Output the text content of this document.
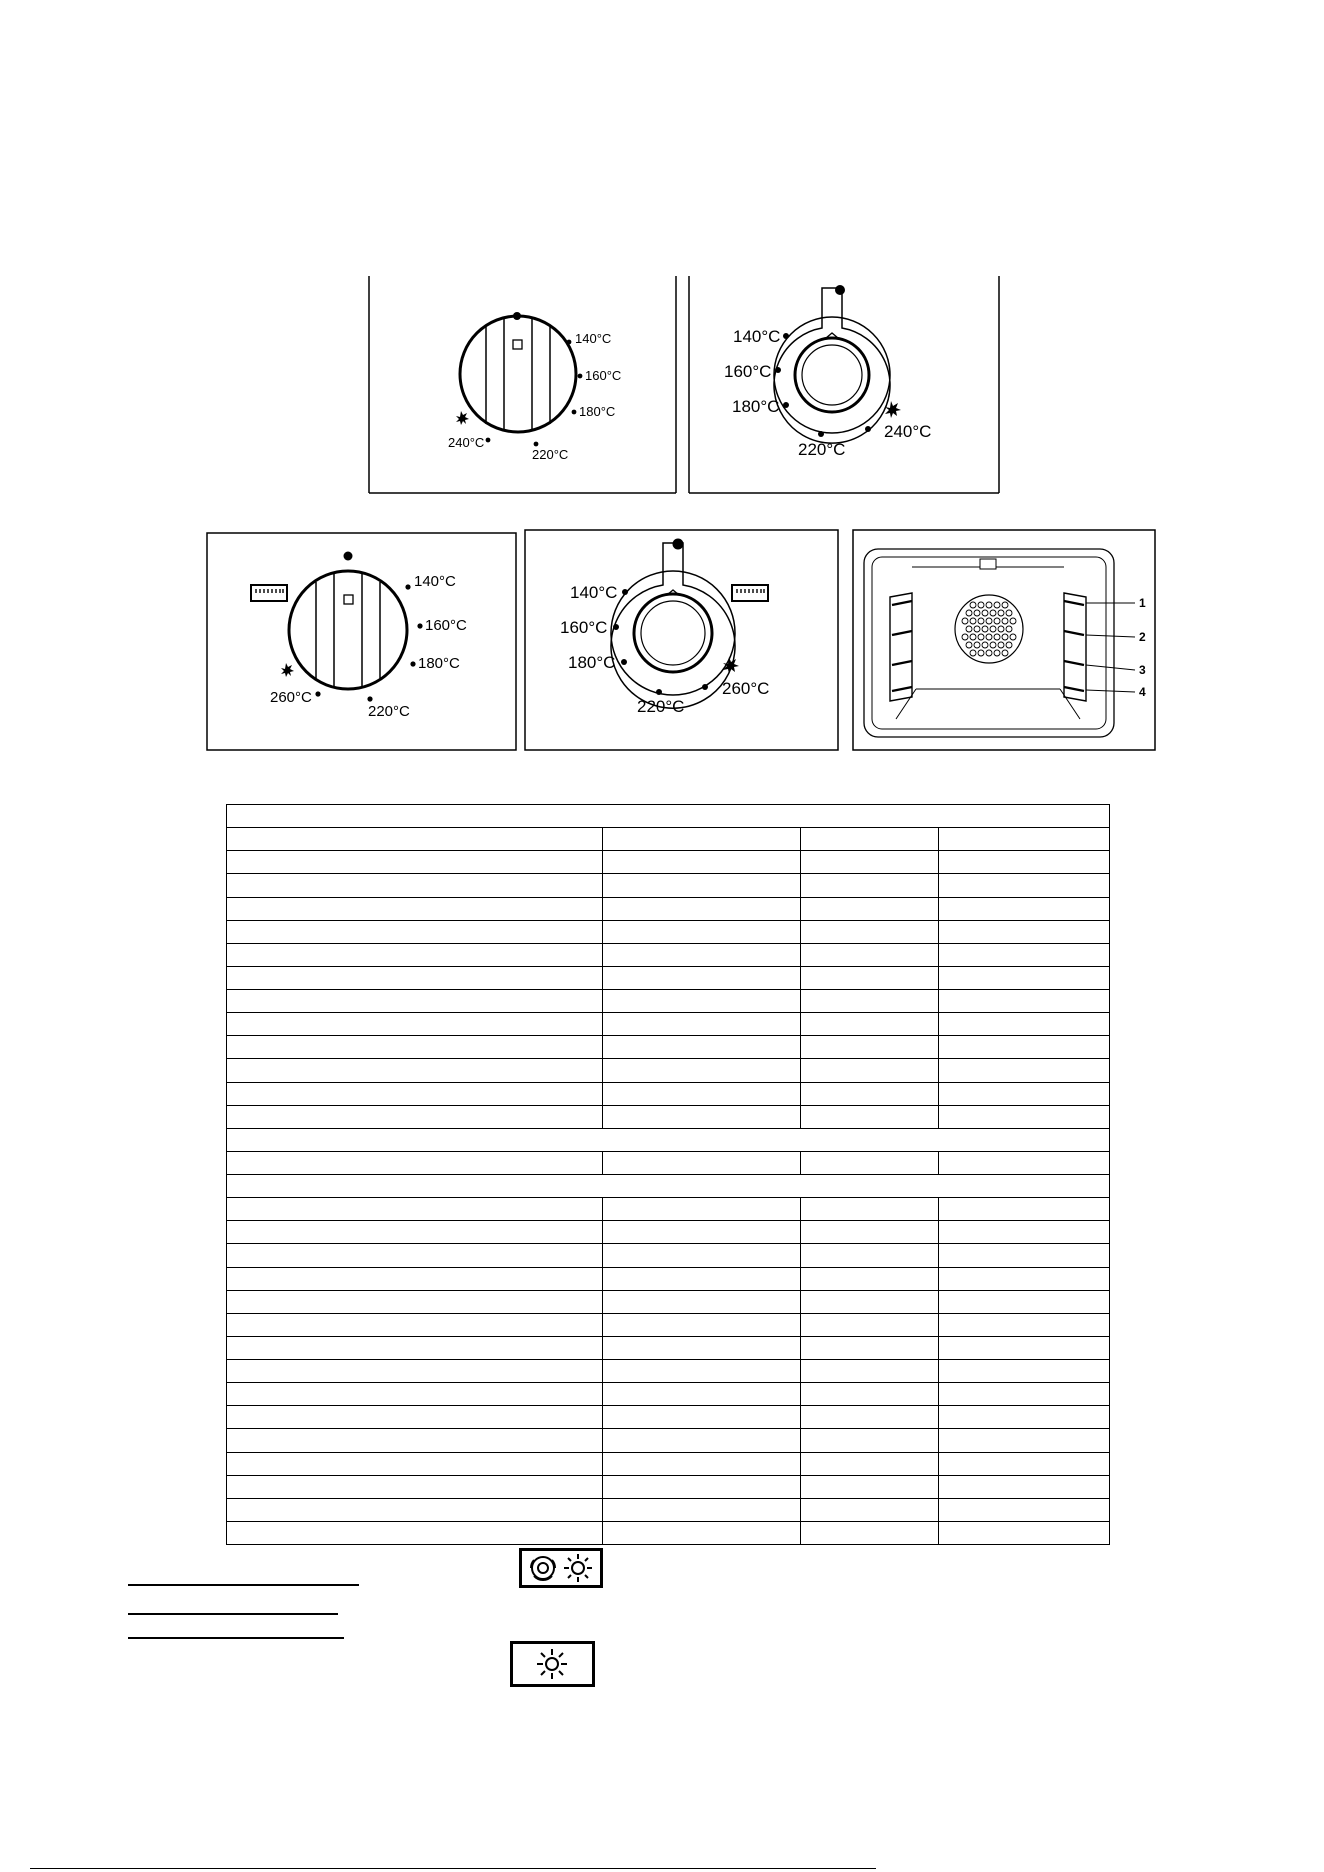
140°C
160°C
180°C
220°C
240°C
140°C
160°C
180°C
220°C
240°C
140°C
160°C
180°C
220°C
260°C
140°C
160°C
180°C
220°C
260°C
1
2
3
4
